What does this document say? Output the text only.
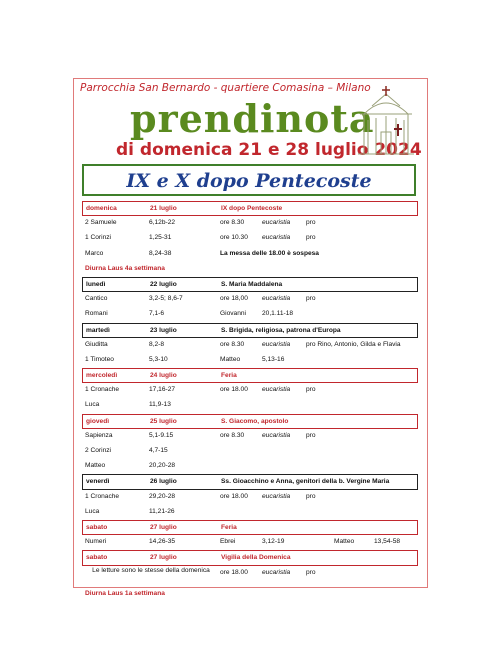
Parrocchia San Bernardo - quartiere Comasina – Milano
prendinota
di domenica 21 e 28 luglio 2024
IX e X dopo Pentecoste
domenica	21 luglio	IX dopo Pentecoste
2 Samuele	6,12b-22	ore 8.30	eucaristia pro
1 Corinzi	1,25-31	ore 10.30 eucaristia pro
Marco	8,24-38	La messa delle 18.00 è sospesa
Diurna Laus 4a settimana
lunedì	22 luglio	S. Maria Maddalena
Cantico	3,2-5; 8,6-7	ore 18,00 eucaristia pro
Romani	7,1-6	Giovanni 20,1.11-18
martedì	23 luglio	S. Brigida, religiosa, patrona d'Europa
Giuditta	8,2-8	ore 8.30	eucaristia pro Rino, Antonio, Gilda e Flavia
1 Timoteo	5,3-10	Matteo	5,13-16
mercoledì	24 luglio	Feria
1 Cronache	17,16-27	ore 18.00 eucaristia pro
Luca	11,9-13
giovedì	25 luglio	S. Giacomo, apostolo
Sapienza	5,1-9.15	ore 8.30	eucaristia pro
2 Corinzi	4,7-15
Matteo	20,20-28
venerdì	26 luglio	Ss. Gioacchino e Anna, genitori della b. Vergine Maria
1 Cronache	29,20-28	ore 18.00 eucaristia pro
Luca	11,21-26
sabato	27 luglio	Feria
Numeri	14,26-35	Ebrei	3,12-19	Matteo	13,54-58
sabato	27 luglio	Vigilia della Domenica
Le letture sono le stesse della domenica ore 18.00 eucaristia pro
Diurna Laus 1a settimana
